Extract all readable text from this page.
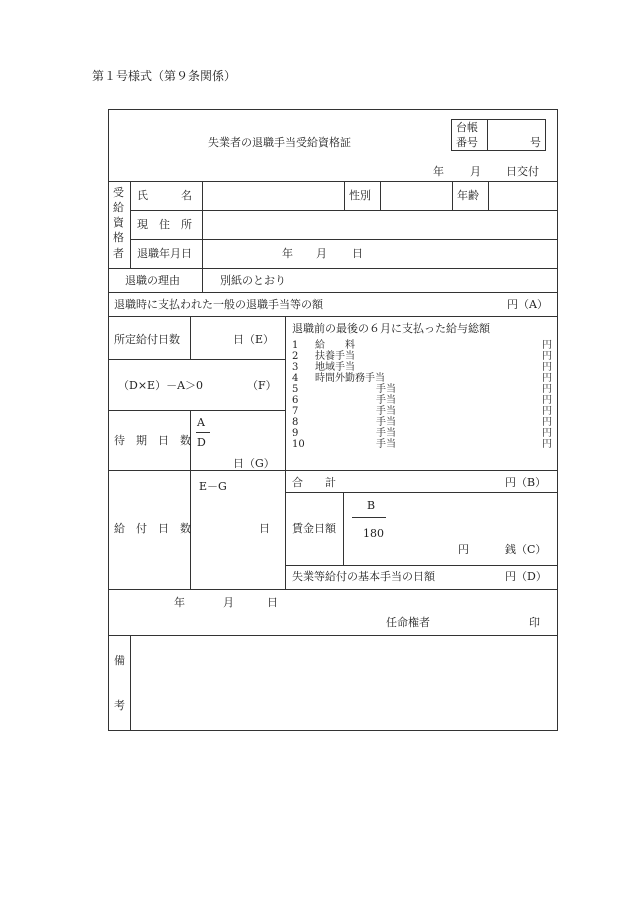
第１号様式（第９条関係）
失業者の退職手当受給資格証
台帳
番号	号
年 月 日交付
受
給
資
格
者
氏　　　名	性別	年齢
現　住　所
退職年月日	年 月 日
退職の理由	別紙のとおり
退職時に支払われた一般の退職手当等の額	円（A）
所定給付日数	日（E）
（D×E）－A＞0	（F）
待　期　日　数
A
D
日（G）
給　付　日　数
E－G
日
退職前の最後の６月に支払った給与総額
1 給　　料	円
2 扶養手当	円
3 地域手当	円
4 時間外勤務手当	円
5	手当	円
6	手当	円
7	手当	円
8	手当	円
9	手当	円
10	手当	円
合　　計	円（B）
賃金日額
B
180
円	銭（C）
失業等給付の基本手当の日額	円（D）
年	月	日
任命権者	印
備
考
